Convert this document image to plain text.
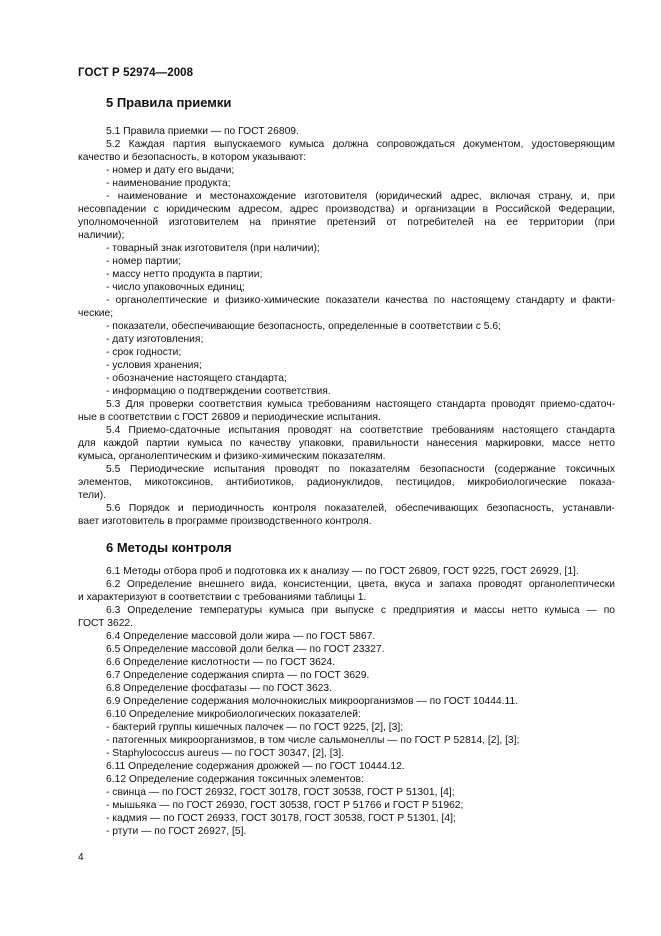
ГОСТ Р 52974—2008
5 Правила приемки
5.1 Правила приемки — по ГОСТ 26809.
5.2 Каждая партия выпускаемого кумыса должна сопровождаться документом, удостоверяющим
качество и безопасность, в котором указывают:
- номер и дату его выдачи;
- наименование продукта;
- наименование и местонахождение изготовителя (юридический адрес, включая страну, и, при
несовпадении с юридическим адресом, адрес производства) и организации в Российской Федерации,
уполномоченной изготовителем на принятие претензий от потребителей на ее территории (при
наличии);
- товарный знак изготовителя (при наличии);
- номер партии;
- массу нетто продукта в партии;
- число упаковочных единиц;
- органолептические и физико-химические показатели качества по настоящему стандарту и факти-
ческие;
- показатели, обеспечивающие безопасность, определенные в соответствии с 5.6;
- дату изготовления;
- срок годности;
- условия хранения;
- обозначение настоящего стандарта;
- информацию о подтверждении соответствия.
5.3 Для проверки соответствия кумыса требованиям настоящего стандарта проводят приемо-сдаточ-
ные в соответствии с ГОСТ 26809 и периодические испытания.
5.4 Приемо-сдаточные испытания проводят на соответствие требованиям настоящего стандарта
для каждой партии кумыса по качеству упаковки, правильности нанесения маркировки, массе нетто
кумыса, органолептическим и физико-химическим показателям.
5.5 Периодические испытания проводят по показателям безопасности (содержание токсичных
элементов, микотоксинов, антибиотиков, радионуклидов, пестицидов, микробиологические показа-
тели).
5.6 Порядок и периодичность контроля показателей, обеспечивающих безопасность, устанавли-
вает изготовитель в программе производственного контроля.
6 Методы контроля
6.1 Методы отбора проб и подготовка их к анализу — по ГОСТ 26809, ГОСТ 9225, ГОСТ 26929, [1].
6.2 Определение внешнего вида, консистенции, цвета, вкуса и запаха проводят органолептически
и характеризуют в соответствии с требованиями таблицы 1.
6.3 Определение температуры кумыса при выпуске с предприятия и массы нетто кумыса — по
ГОСТ 3622.
6.4 Определение массовой доли жира — по ГОСТ 5867.
6.5 Определение массовой доли белка — по ГОСТ 23327.
6.6 Определение кислотности — по ГОСТ 3624.
6.7 Определение содержания спирта — по ГОСТ 3629.
6.8 Определение фосфатазы — по ГОСТ 3623.
6.9 Определение содержания молочнокислых микроорганизмов — по ГОСТ 10444.11.
6.10 Определение микробиологических показателей:
- бактерий группы кишечных палочек — по ГОСТ 9225, [2], [3];
- патогенных микроорганизмов, в том числе сальмонеллы — по ГОСТ Р 52814, [2], [3];
- Staphylococcus aureus — по ГОСТ 30347, [2], [3].
6.11 Определение содержания дрожжей — по ГОСТ 10444.12.
6.12 Определение содержания токсичных элементов:
- свинца — по ГОСТ 26932, ГОСТ 30178, ГОСТ 30538, ГОСТ Р 51301, [4];
- мышьяка — по ГОСТ 26930, ГОСТ 30538, ГОСТ Р 51766 и ГОСТ Р 51962;
- кадмия — по ГОСТ 26933, ГОСТ 30178, ГОСТ 30538, ГОСТ Р 51301, [4];
- ртути — по ГОСТ 26927, [5].
4
